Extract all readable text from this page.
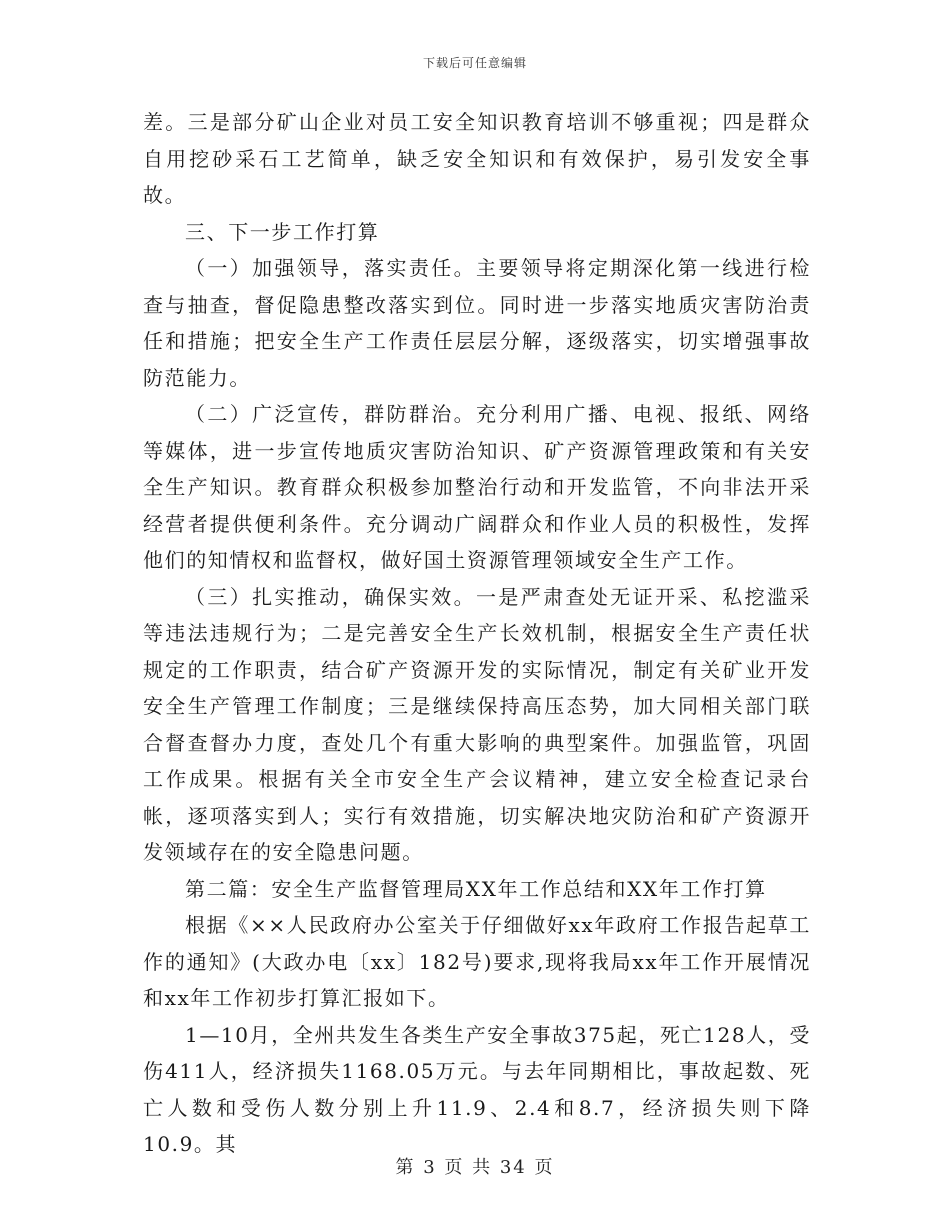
下载后可任意编辑

差。三是部分矿山企业对员工安全知识教育培训不够重视；四是群众自用挖砂采石工艺简单，缺乏安全知识和有效保护，易引发安全事故。

三、下一步工作打算

（一）加强领导，落实责任。主要领导将定期深化第一线进行检查与抽查，督促隐患整改落实到位。同时进一步落实地质灾害防治责任和措施；把安全生产工作责任层层分解，逐级落实，切实增强事故防范能力。

（二）广泛宣传，群防群治。充分利用广播、电视、报纸、网络等媒体，进一步宣传地质灾害防治知识、矿产资源管理政策和有关安全生产知识。教育群众积极参加整治行动和开发监管，不向非法开采经营者提供便利条件。充分调动广阔群众和作业人员的积极性，发挥他们的知情权和监督权，做好国土资源管理领域安全生产工作。

（三）扎实推动，确保实效。一是严肃查处无证开采、私挖滥采等违法违规行为；二是完善安全生产长效机制，根据安全生产责任状规定的工作职责，结合矿产资源开发的实际情况，制定有关矿业开发安全生产管理工作制度；三是继续保持高压态势，加大同相关部门联合督查督办力度，查处几个有重大影响的典型案件。加强监管，巩固工作成果。根据有关全市安全生产会议精神，建立安全检查记录台帐，逐项落实到人；实行有效措施，切实解决地灾防治和矿产资源开发领域存在的安全隐患问题。

第二篇：安全生产监督管理局XX年工作总结和XX年工作打算

根据《××人民政府办公室关于仔细做好xx年政府工作报告起草工作的通知》(大政办电〔xx〕182号)要求,现将我局xx年工作开展情况和xx年工作初步打算汇报如下。

1—10月，全州共发生各类生产安全事故375起，死亡128人，受伤411人，经济损失1168.05万元。与去年同期相比，事故起数、死亡人数和受伤人数分别上升11.9、2.4和8.7，经济损失则下降10.9。其

第 3 页 共 34 页
